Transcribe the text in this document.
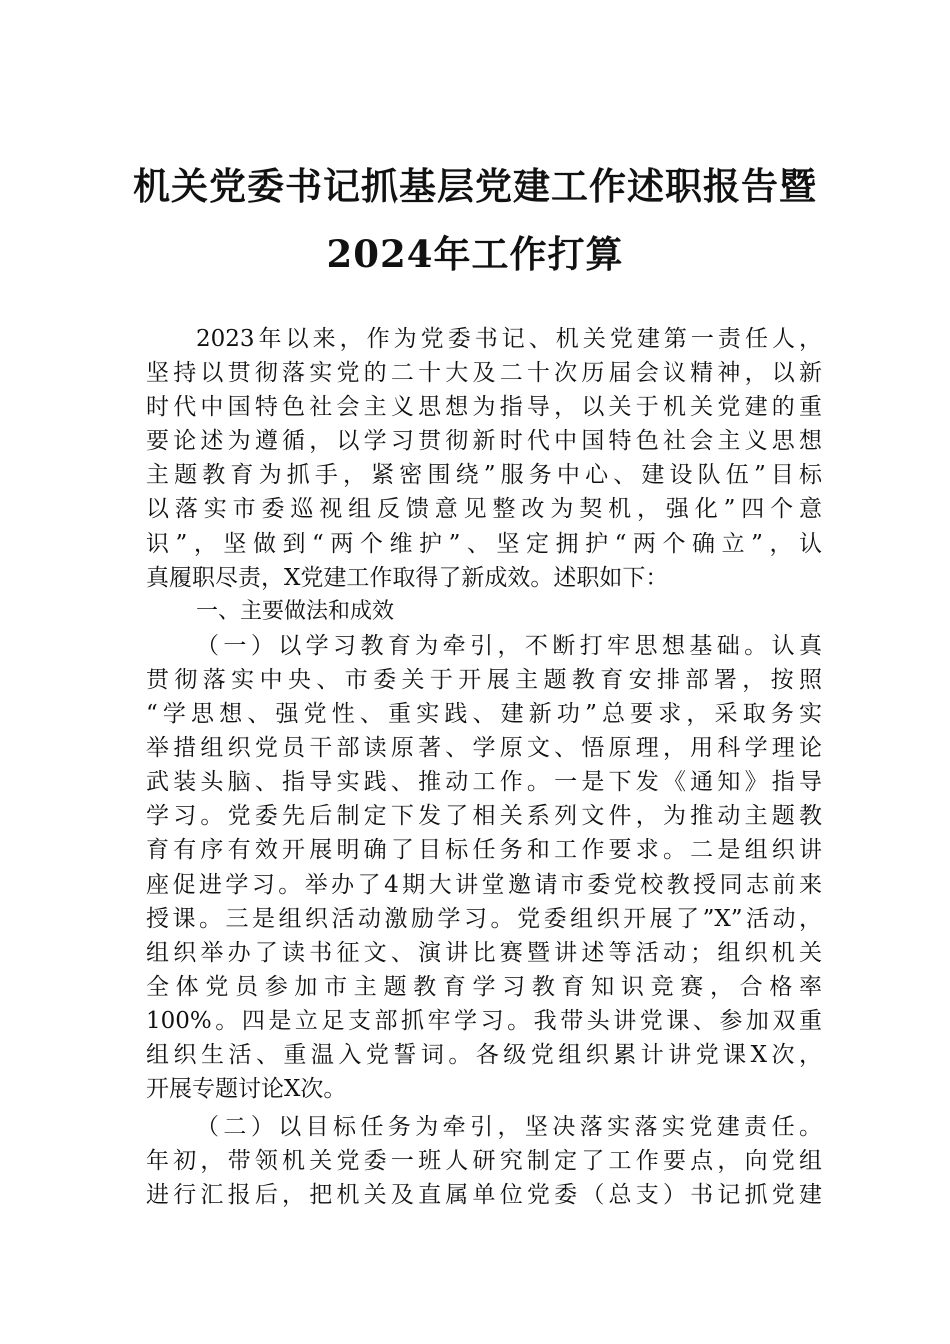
机关党委书记抓基层党建工作述职报告暨
2024年工作打算
2023年以来，作为党委书记、机关党建第一责任人，
坚持以贯彻落实党的二十大及二十次历届会议精神，以新
时代中国特色社会主义思想为指导，以关于机关党建的重
要论述为遵循，以学习贯彻新时代中国特色社会主义思想
主题教育为抓手，紧密围绕”服务中心、建设队伍”目标
以落实市委巡视组反馈意见整改为契机，强化”四个意
识”，坚做到“两个维护”、坚定拥护“两个确立”，认
真履职尽责，X党建工作取得了新成效。述职如下：
一、主要做法和成效
（一）以学习教育为牵引，不断打牢思想基础。认真
贯彻落实中央、市委关于开展主题教育安排部署，按照
“学思想、强党性、重实践、建新功”总要求，采取务实
举措组织党员干部读原著、学原文、悟原理，用科学理论
武装头脑、指导实践、推动工作。一是下发《通知》指导
学习。党委先后制定下发了相关系列文件，为推动主题教
育有序有效开展明确了目标任务和工作要求。二是组织讲
座促进学习。举办了4期大讲堂邀请市委党校教授同志前来
授课。三是组织活动激励学习。党委组织开展了”X”活动，
组织举办了读书征文、演讲比赛暨讲述等活动；组织机关
全体党员参加市主题教育学习教育知识竞赛，合格率
100%。四是立足支部抓牢学习。我带头讲党课、参加双重
组织生活、重温入党誓词。各级党组织累计讲党课X次，
开展专题讨论X次。
（二）以目标任务为牵引，坚决落实落实党建责任。
年初，带领机关党委一班人研究制定了工作要点，向党组
进行汇报后，把机关及直属单位党委（总支）书记抓党建
